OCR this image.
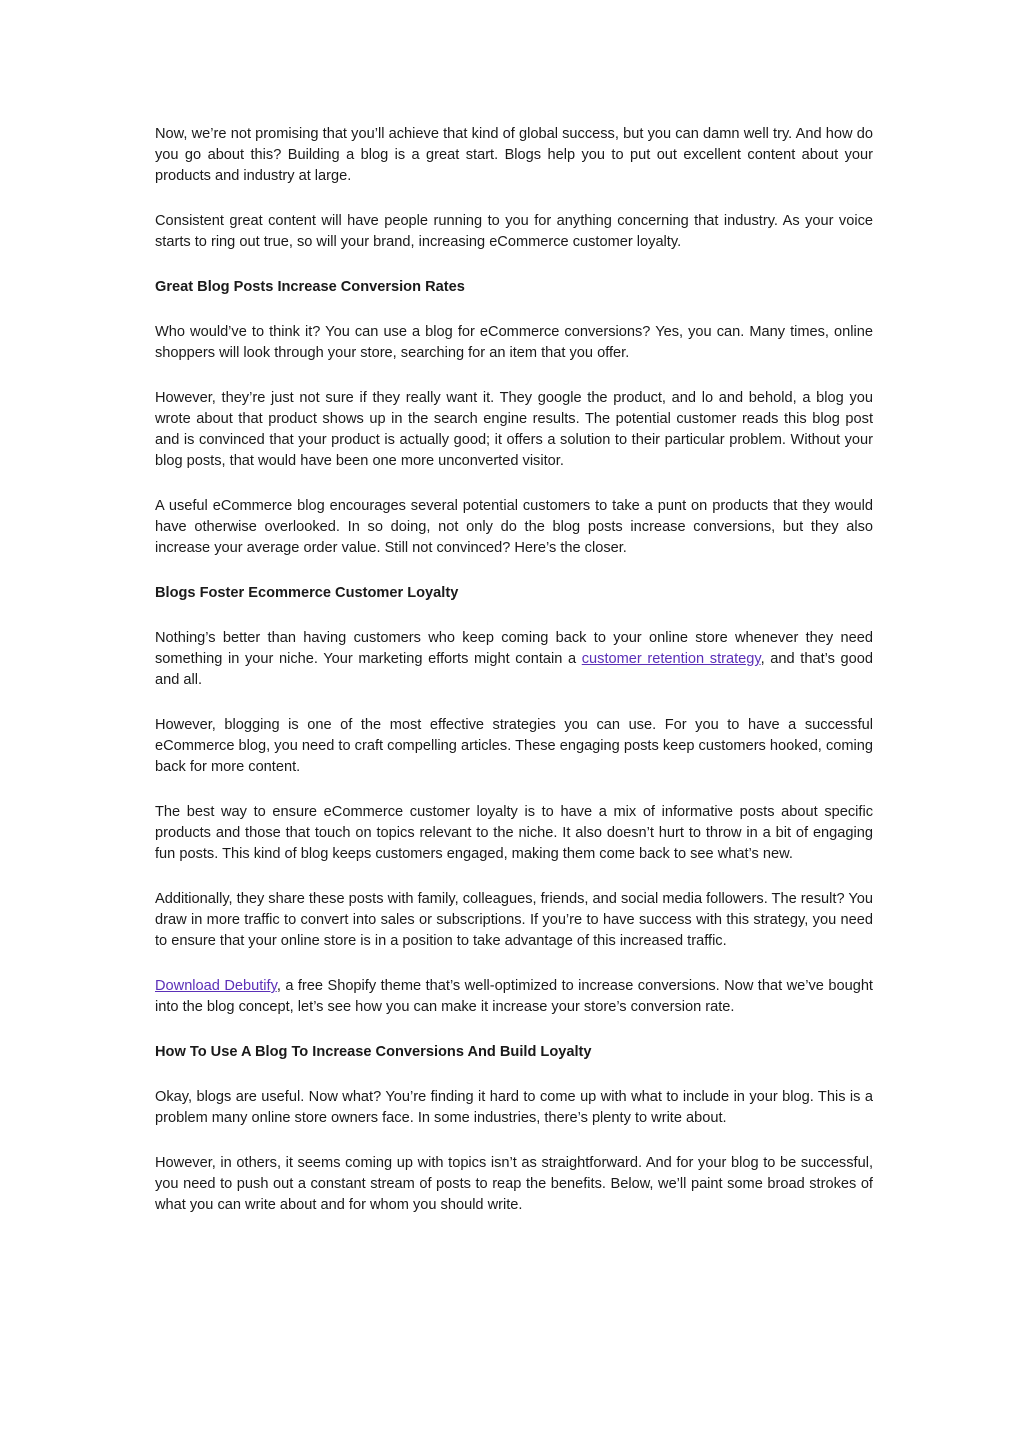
Now, we’re not promising that you’ll achieve that kind of global success, but you can damn well try. And how do you go about this? Building a blog is a great start. Blogs help you to put out excellent content about your products and industry at large.

Consistent great content will have people running to you for anything concerning that industry. As your voice starts to ring out true, so will your brand, increasing eCommerce customer loyalty.

Great Blog Posts Increase Conversion Rates

Who would’ve to think it? You can use a blog for eCommerce conversions? Yes, you can. Many times, online shoppers will look through your store, searching for an item that you offer.

However, they’re just not sure if they really want it. They google the product, and lo and behold, a blog you wrote about that product shows up in the search engine results. The potential customer reads this blog post and is convinced that your product is actually good; it offers a solution to their particular problem. Without your blog posts, that would have been one more unconverted visitor.

A useful eCommerce blog encourages several potential customers to take a punt on products that they would have otherwise overlooked. In so doing, not only do the blog posts increase conversions, but they also increase your average order value. Still not convinced? Here’s the closer.

Blogs Foster Ecommerce Customer Loyalty

Nothing’s better than having customers who keep coming back to your online store whenever they need something in your niche. Your marketing efforts might contain a customer retention strategy, and that’s good and all.

However, blogging is one of the most effective strategies you can use. For you to have a successful eCommerce blog, you need to craft compelling articles. These engaging posts keep customers hooked, coming back for more content.

The best way to ensure eCommerce customer loyalty is to have a mix of informative posts about specific products and those that touch on topics relevant to the niche. It also doesn’t hurt to throw in a bit of engaging fun posts. This kind of blog keeps customers engaged, making them come back to see what’s new.

Additionally, they share these posts with family, colleagues, friends, and social media followers. The result? You draw in more traffic to convert into sales or subscriptions. If you’re to have success with this strategy, you need to ensure that your online store is in a position to take advantage of this increased traffic.

Download Debutify, a free Shopify theme that’s well-optimized to increase conversions. Now that we’ve bought into the blog concept, let’s see how you can make it increase your store’s conversion rate.

How To Use A Blog To Increase Conversions And Build Loyalty

Okay, blogs are useful. Now what? You’re finding it hard to come up with what to include in your blog. This is a problem many online store owners face. In some industries, there’s plenty to write about.

However, in others, it seems coming up with topics isn’t as straightforward. And for your blog to be successful, you need to push out a constant stream of posts to reap the benefits. Below, we’ll paint some broad strokes of what you can write about and for whom you should write.
